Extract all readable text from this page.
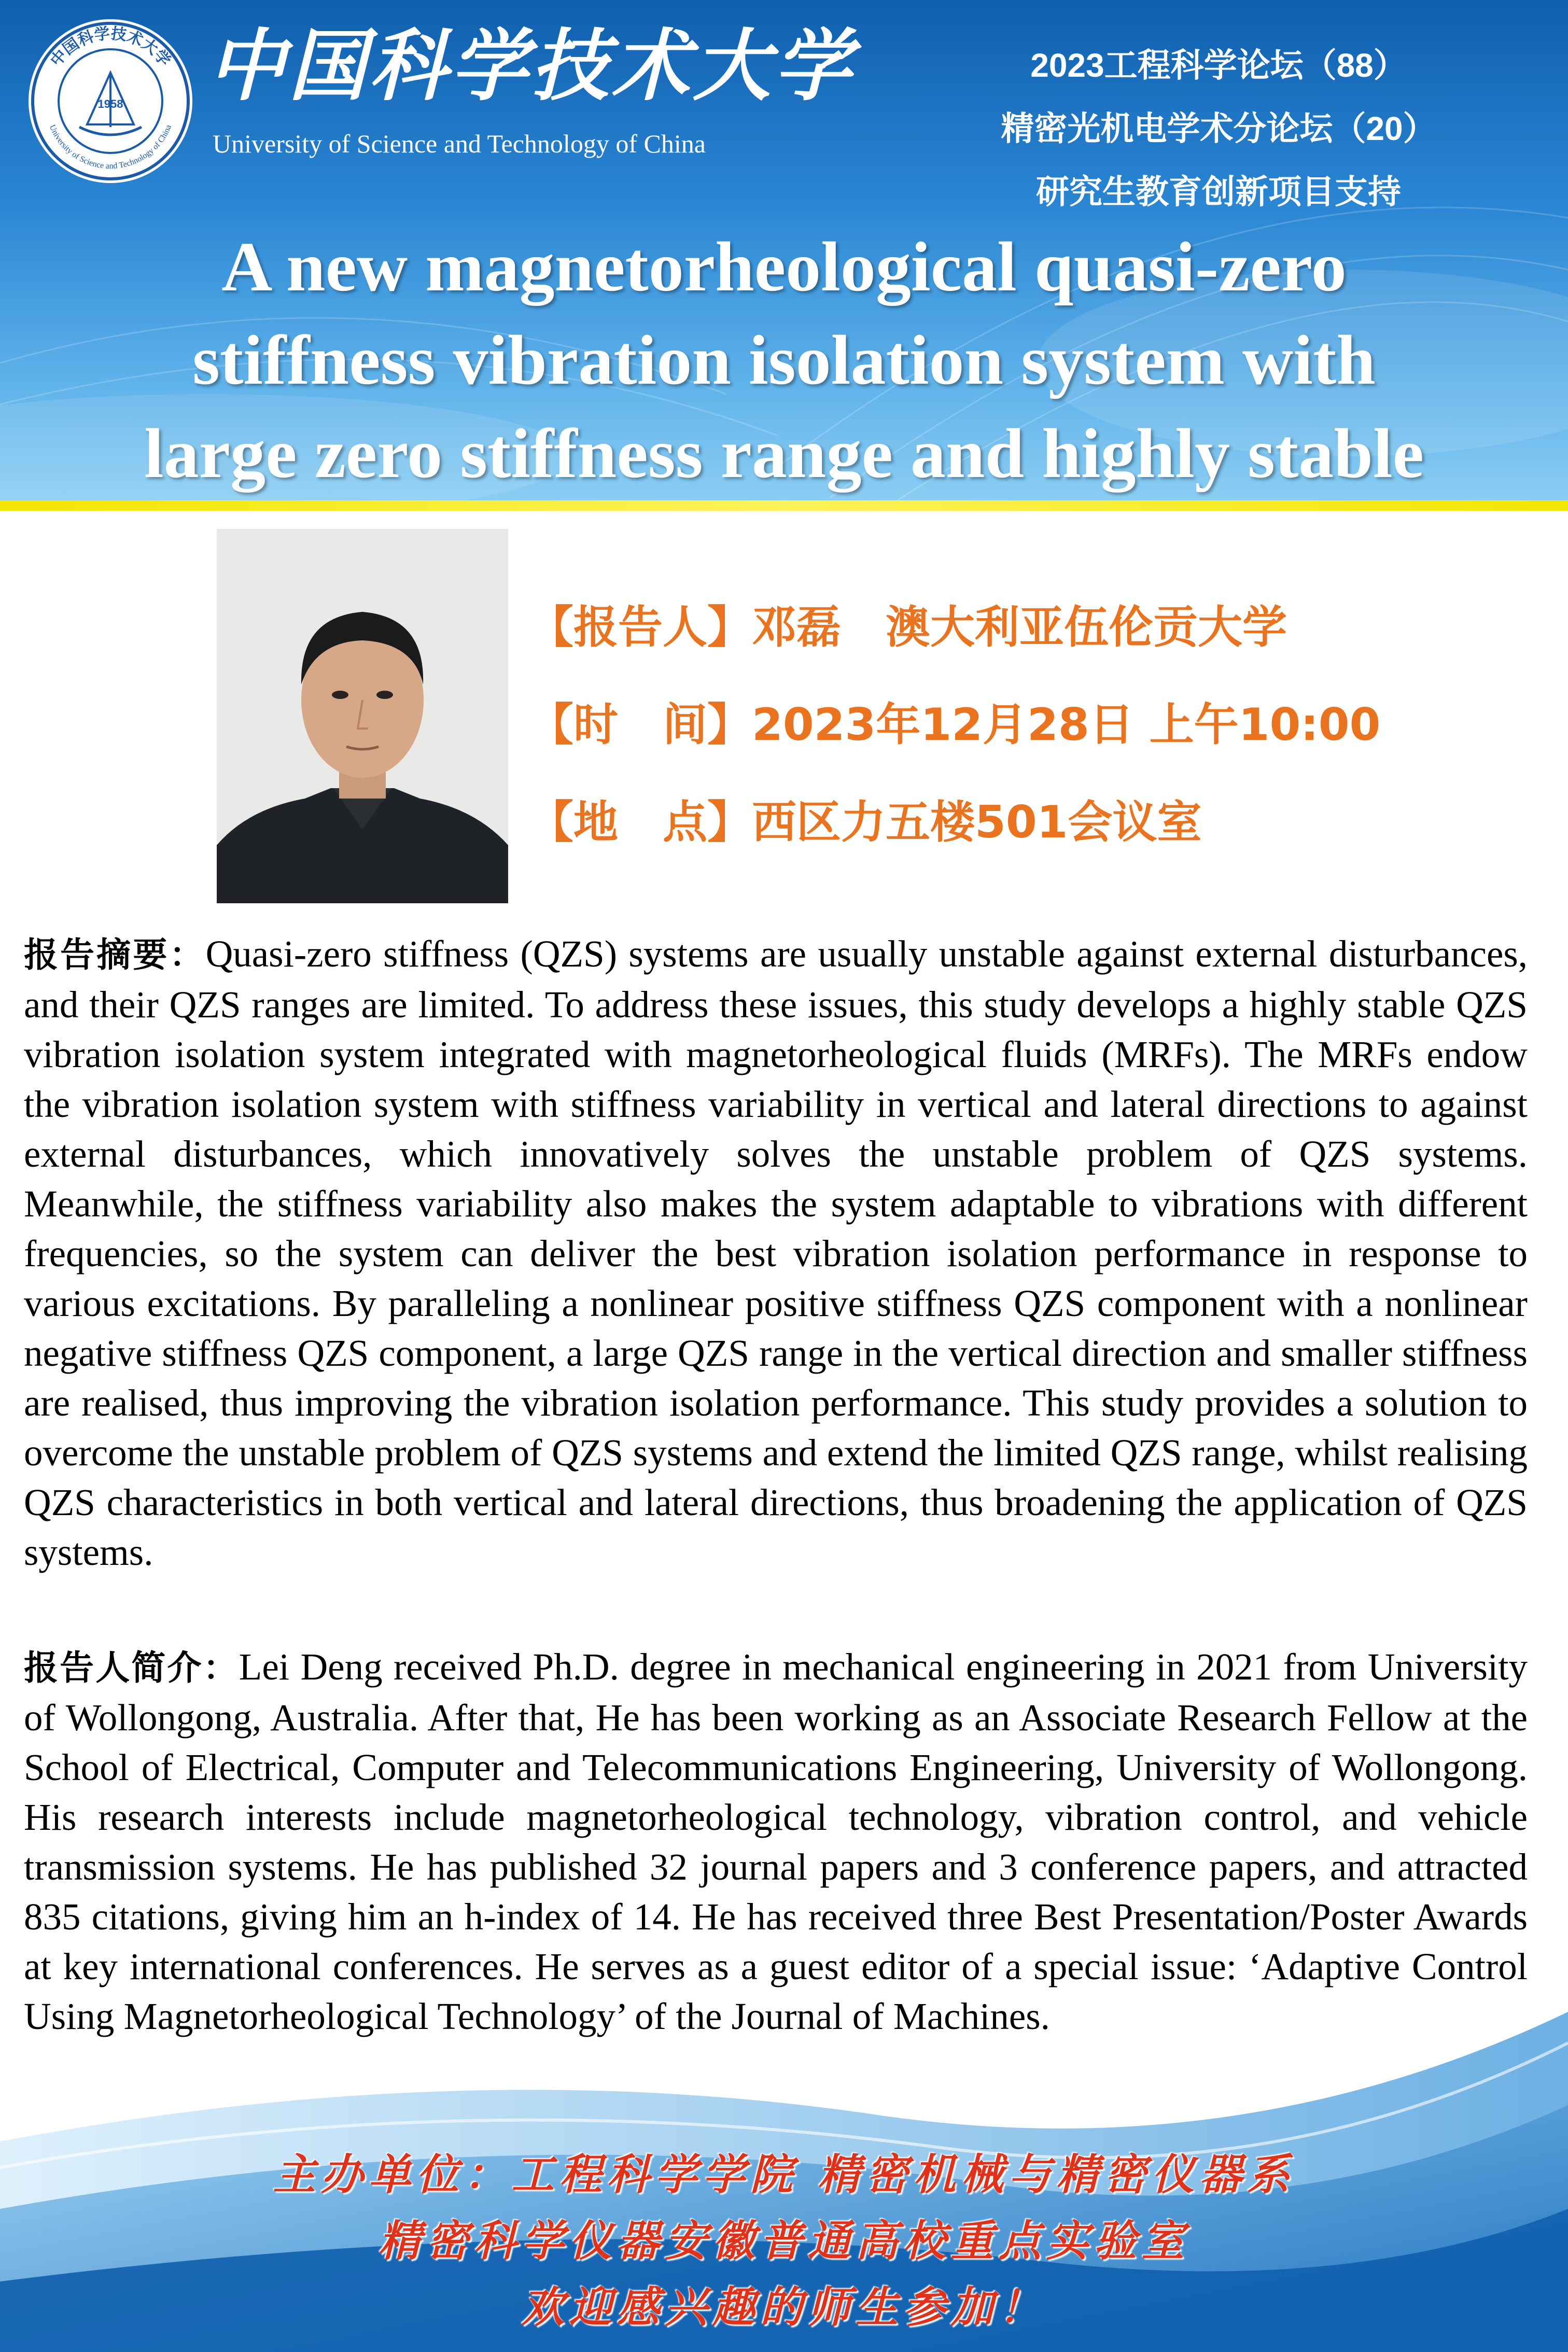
中国科学技术大学
University of Science and Technology of China
1958 中国科学技术大学
University of Science and Technology of China
2023工程科学论坛（88）
精密光机电学术分论坛（20）
研究生教育创新项目支持
A new magnetorheological quasi-zero
stiffness vibration isolation system with
large zero stiffness range and highly stable
【报告人】邓磊　澳大利亚伍伦贡大学
【时　间】2023年12月28日 上午10:00
【地　点】西区力五楼501会议室
报告摘要：Quasi-zero stiffness (QZS) systems are usually unstable against external disturbances, and their QZS ranges are limited. To address these issues, this study develops a highly stable QZS vibration isolation system integrated with magnetorheological fluids (MRFs). The MRFs endow the vibration isolation system with stiffness variability in vertical and lateral directions to against external disturbances, which innovatively solves the unstable problem of QZS systems. Meanwhile, the stiffness variability also makes the system adaptable to vibrations with different frequencies, so the system can deliver the best vibration isolation performance in response to various excitations. By paralleling a nonlinear positive stiffness QZS component with a nonlinear negative stiffness QZS component, a large QZS range in the vertical direction and smaller stiffness are realised, thus improving the vibration isolation performance. This study provides a solution to overcome the unstable problem of QZS systems and extend the limited QZS range, whilst realising QZS characteristics in both vertical and lateral directions, thus broadening the application of QZS systems.
报告人简介：Lei Deng received Ph.D. degree in mechanical engineering in 2021 from University of Wollongong, Australia. After that, He has been working as an Associate Research Fellow at the School of Electrical, Computer and Telecommunications Engineering, University of Wollongong. His research interests include magnetorheological technology, vibration control, and vehicle transmission systems. He has published 32 journal papers and 3 conference papers, and attracted 835 citations, giving him an h-index of 14. He has received three Best Presentation/Poster Awards at key international conferences. He serves as a guest editor of a special issue: ‘Adaptive Control Using Magnetorheological Technology’ of the Journal of Machines.
主办单位：工程科学学院 精密机械与精密仪器系
精密科学仪器安徽普通高校重点实验室
欢迎感兴趣的师生参加！
